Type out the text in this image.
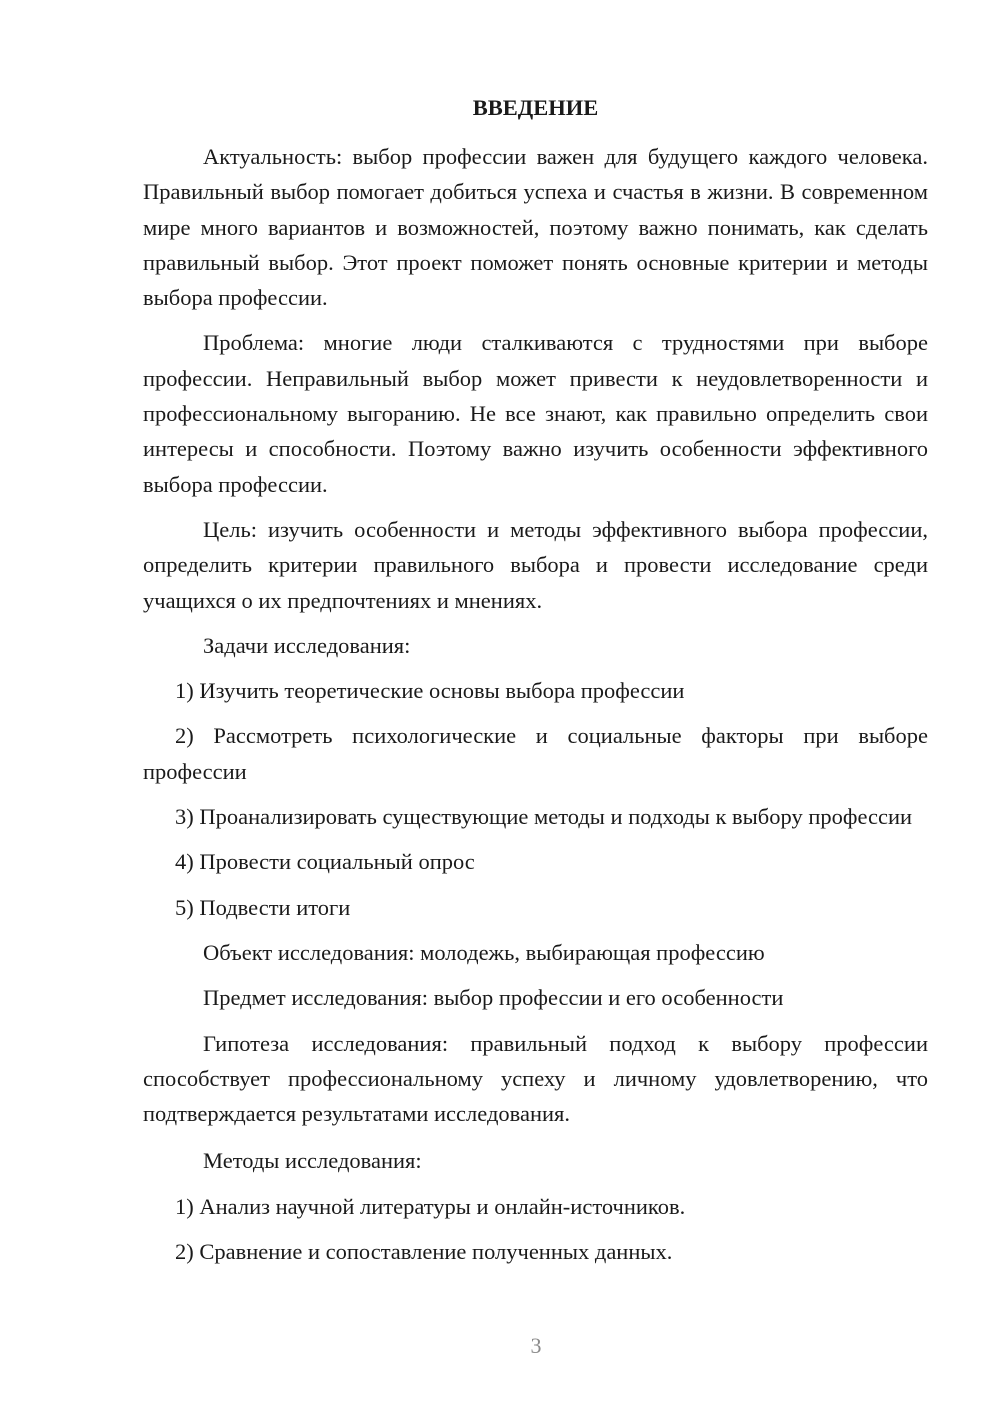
ВВЕДЕНИЕ

Актуальность: выбор профессии важен для будущего каждого человека. Правильный выбор помогает добиться успеха и счастья в жизни. В современном мире много вариантов и возможностей, поэтому важно понимать, как сделать правильный выбор. Этот проект поможет понять основные критерии и методы выбора профессии.

Проблема: многие люди сталкиваются с трудностями при выборе профессии. Неправильный выбор может привести к неудовлетворенности и профессиональному выгоранию. Не все знают, как правильно определить свои интересы и способности. Поэтому важно изучить особенности эффективного выбора профессии.

Цель: изучить особенности и методы эффективного выбора профессии, определить критерии правильного выбора и провести исследование среди учащихся о их предпочтениях и мнениях.

Задачи исследования:

1) Изучить теоретические основы выбора профессии

2) Рассмотреть психологические и социальные факторы при выборе профессии

3) Проанализировать существующие методы и подходы к выбору профессии

4) Провести социальный опрос

5) Подвести итоги

Объект исследования: молодежь, выбирающая профессию

Предмет исследования: выбор профессии и его особенности

Гипотеза исследования: правильный подход к выбору профессии способствует профессиональному успеху и личному удовлетворению, что подтверждается результатами исследования.

Методы исследования:

1) Анализ научной литературы и онлайн-источников.

2) Сравнение и сопоставление полученных данных.

3
